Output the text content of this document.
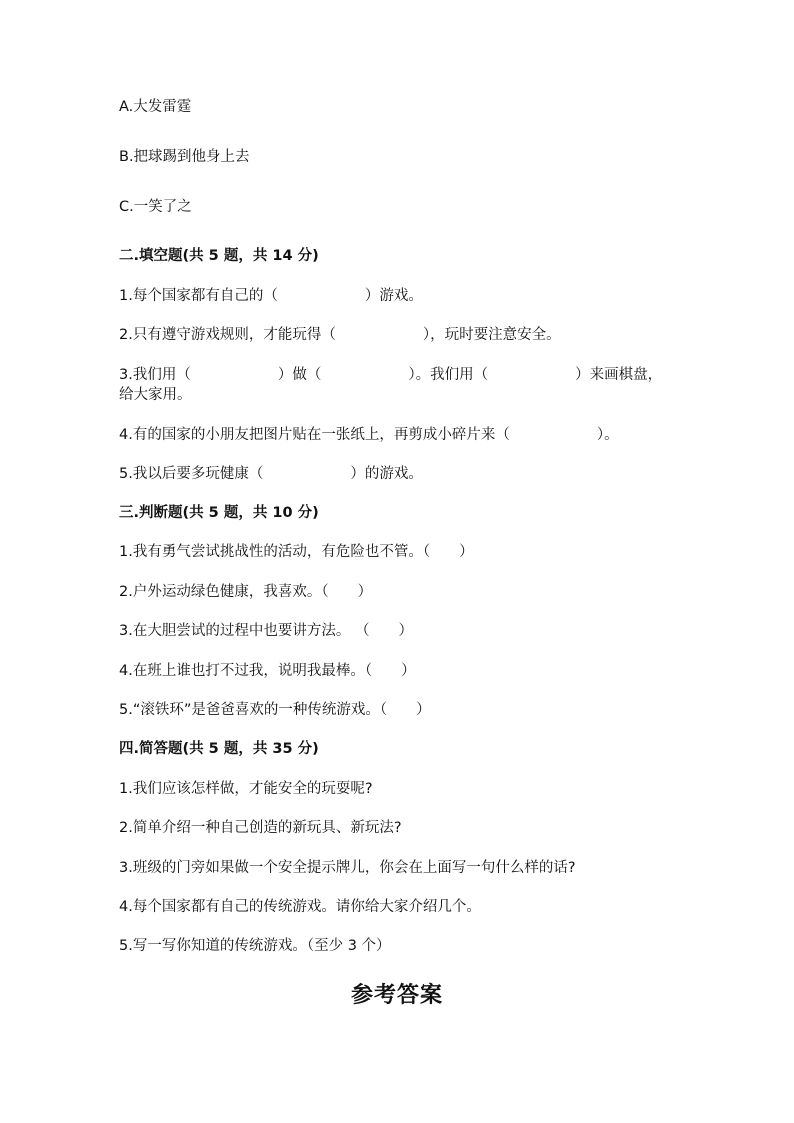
A.大发雷霆
B.把球踢到他身上去
C.一笑了之
二.填空题(共 5 题，共 14 分)
1.每个国家都有自己的（　　　　　　）游戏。
2.只有遵守游戏规则，才能玩得（　　　　　　），玩时要注意安全。
3.我们用（　　　　　　）做（　　　　　　）。我们用（　　　　　　）来画棋盘，给大家用。
4.有的国家的小朋友把图片贴在一张纸上，再剪成小碎片来（　　　　　　）。
5.我以后要多玩健康（　　　　　　）的游戏。
三.判断题(共 5 题，共 10 分)
1.我有勇气尝试挑战性的活动，有危险也不管。（　　）
2.户外运动绿色健康，我喜欢。（　　）
3.在大胆尝试的过程中也要讲方法。 （　　）
4.在班上谁也打不过我，说明我最棒。（　　）
5.“滚铁环”是爸爸喜欢的一种传统游戏。（　　）
四.简答题(共 5 题，共 35 分)
1.我们应该怎样做，才能安全的玩耍呢?
2.简单介绍一种自己创造的新玩具、新玩法?
3.班级的门旁如果做一个安全提示牌儿，你会在上面写一句什么样的话?
4.每个国家都有自己的传统游戏。请你给大家介绍几个。
5.写一写你知道的传统游戏。（至少 3 个）
参考答案
